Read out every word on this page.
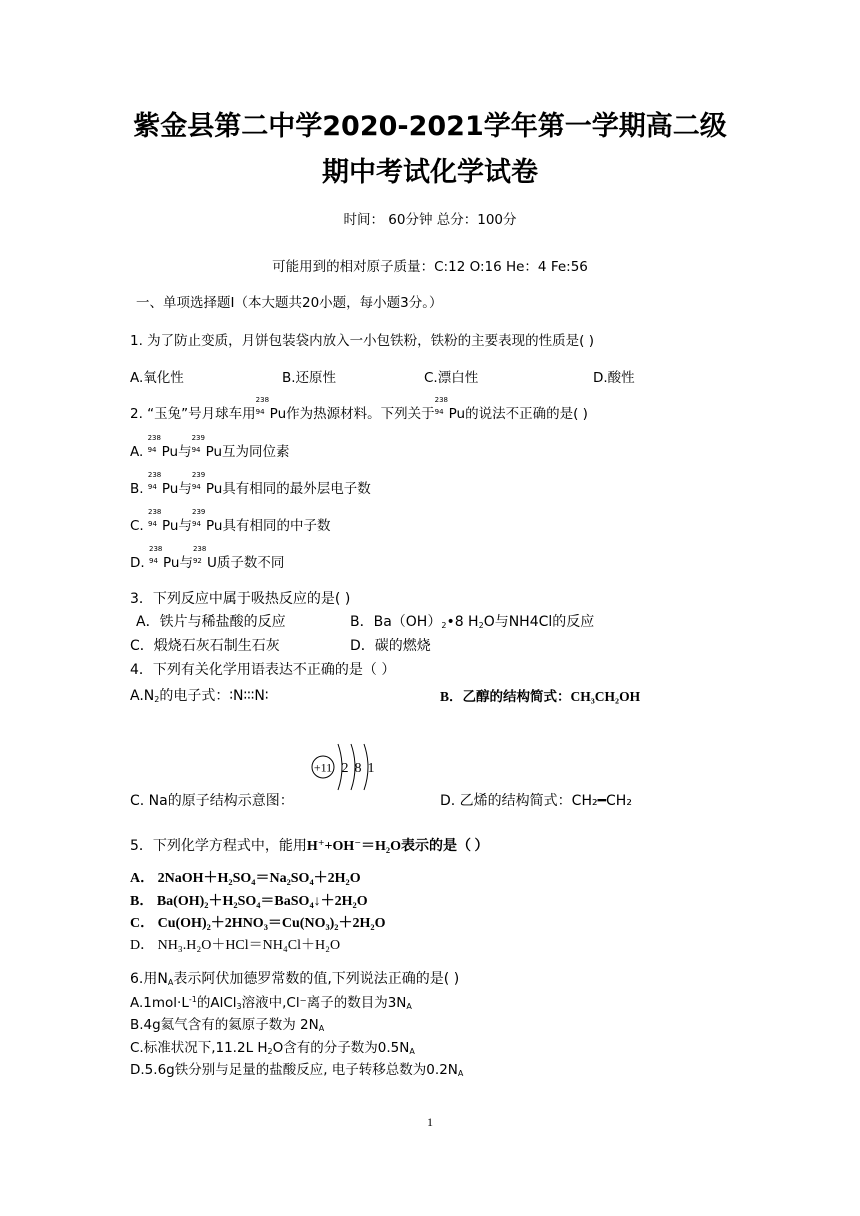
紫金县第二中学2020-2021学年第一学期高二级
期中考试化学试卷
时间： 60分钟 总分：100分
可能用到的相对原子质量：C:12 O:16 He：4 Fe:56
一、单项选择题Ⅰ（本大题共20小题，每小题3分。）
1. 为了防止变质，月饼包装袋内放入一小包铁粉，铁粉的主要表现的性质是( )
A.氧化性	B.还原性	C.漂白性	D.酸性
2. “玉兔”号月球车用
238
94 Pu作为热源材料。下列关于
238
94 Pu的说法不正确的是( )
A.
238
94 Pu与
239
94 Pu互为同位素
B.
238
94 Pu与
239
94 Pu具有相同的最外层电子数
C.
238
94 Pu与
239
94 Pu具有相同的中子数
D.
238
94 Pu与
238
92 U质子数不同
3．下列反应中属于吸热反应的是( )
A．铁片与稀盐酸的反应	B．$Ba(OH)_2•8$ $H_2O$与NH4Cl的反应
C．煅烧石灰石制生石灰	D．碳的燃烧
4．下列有关化学用语表达不正确的是（ ）
$A.N_2$的电子式：∶N∶∶∶N∶	B．乙醇的结构简式：CH₃CH₂OH
+11 2 8 1
C. Na的原子结构示意图：	D. 乙烯的结构简式：CH₂━CH₂
5．下列化学方程式中，能用H++OH−＝H₂O表示的是（ ）
A． 2NaOH＋H₂SO₄＝Na₂SO₄＋2H₂O
B． Ba(OH)₂＋H₂SO₄＝BaSO₄↓＋2H₂O
C． Cu(OH)₂＋2HNO₃＝Cu(NO₃)₂＋2H₂O
D． NH₃.H₂O＋HCl＝NH₄Cl＋H₂O
6.用$N_A$表示阿伏加德罗常数的值,下列说法正确的是( )
$A.1mol\cdot L^{-1}$的AlCl$_3$溶液中,Cl⁻离子的数目为$3N_A$
B.4g氦气含有的氦原子数为 $2N_A$
C.标准状况下,11.2L $H_2O$含有的分子数为$0.5N_A$
D.5.6g铁分别与足量的盐酸反应, 电子转移总数为$0.2N_A$
1
